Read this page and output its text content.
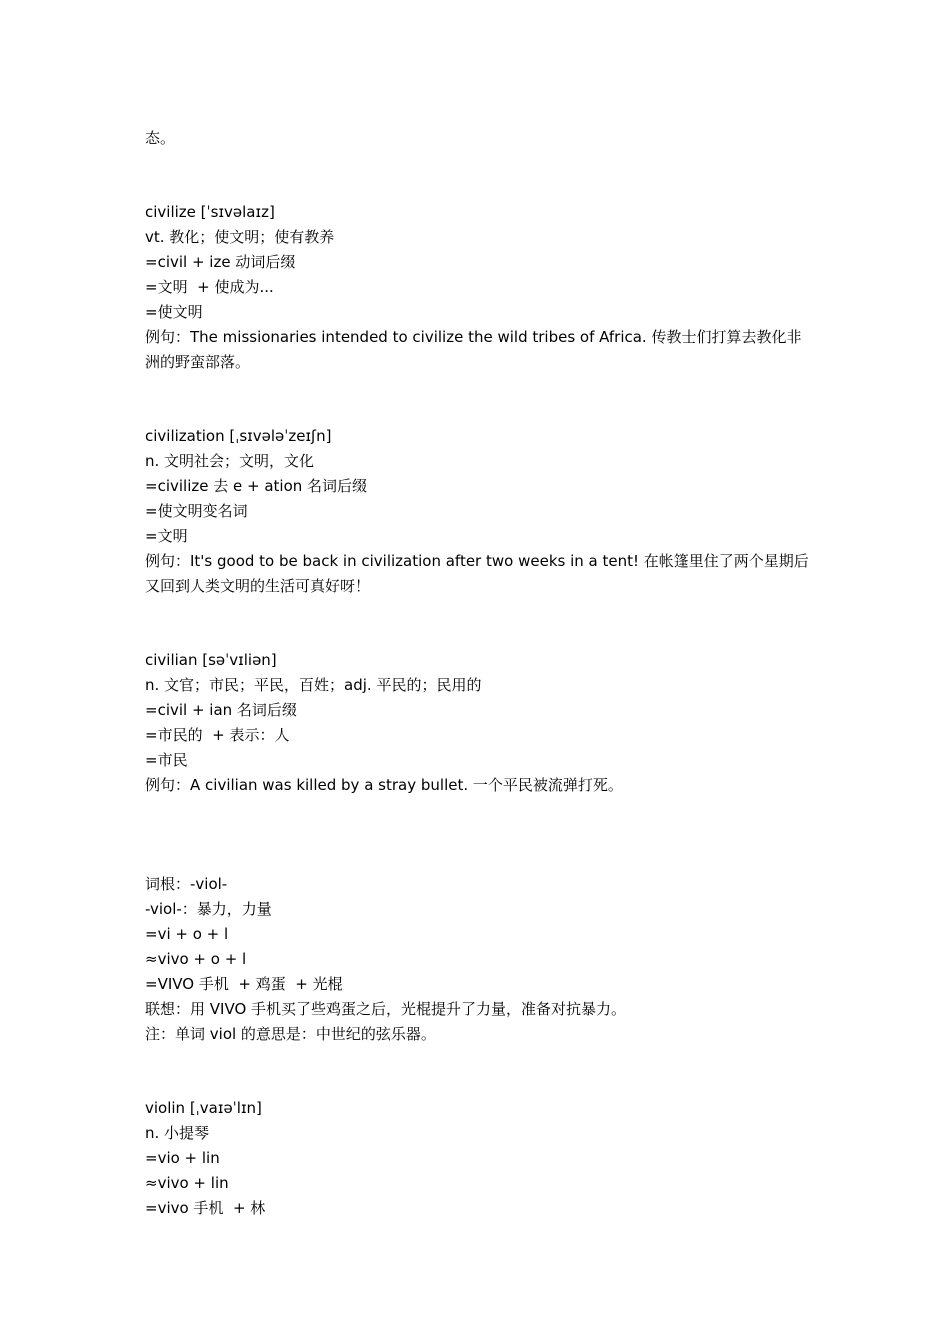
态。
civilize [ˈsɪvəlaɪz]
vt. 教化；使文明；使有教养
=civil + ize 动词后缀
=文明  + 使成为...
=使文明
例句：The missionaries intended to civilize the wild tribes of Africa. 传教士们打算去教化非洲的野蛮部落。
civilization [ˌsɪvələˈzeɪʃn]
n. 文明社会；文明，文化
=civilize 去 e + ation 名词后缀
=使文明变名词
=文明
例句：It's good to be back in civilization after two weeks in a tent! 在帐篷里住了两个星期后又回到人类文明的生活可真好呀！
civilian [səˈvɪliən]
n. 文官；市民；平民，百姓；adj. 平民的；民用的
=civil + ian 名词后缀
=市民的  + 表示：人
=市民
例句：A civilian was killed by a stray bullet. 一个平民被流弹打死。
词根：-viol-
-viol-：暴力，力量
=vi + o + l
≈vivo + o + l
=VIVO 手机  + 鸡蛋  + 光棍
联想：用 VIVO 手机买了些鸡蛋之后，光棍提升了力量，准备对抗暴力。
注：单词 viol 的意思是：中世纪的弦乐器。
violin [ˌvaɪəˈlɪn]
n. 小提琴
=vio + lin
≈vivo + lin
=vivo 手机  + 林
